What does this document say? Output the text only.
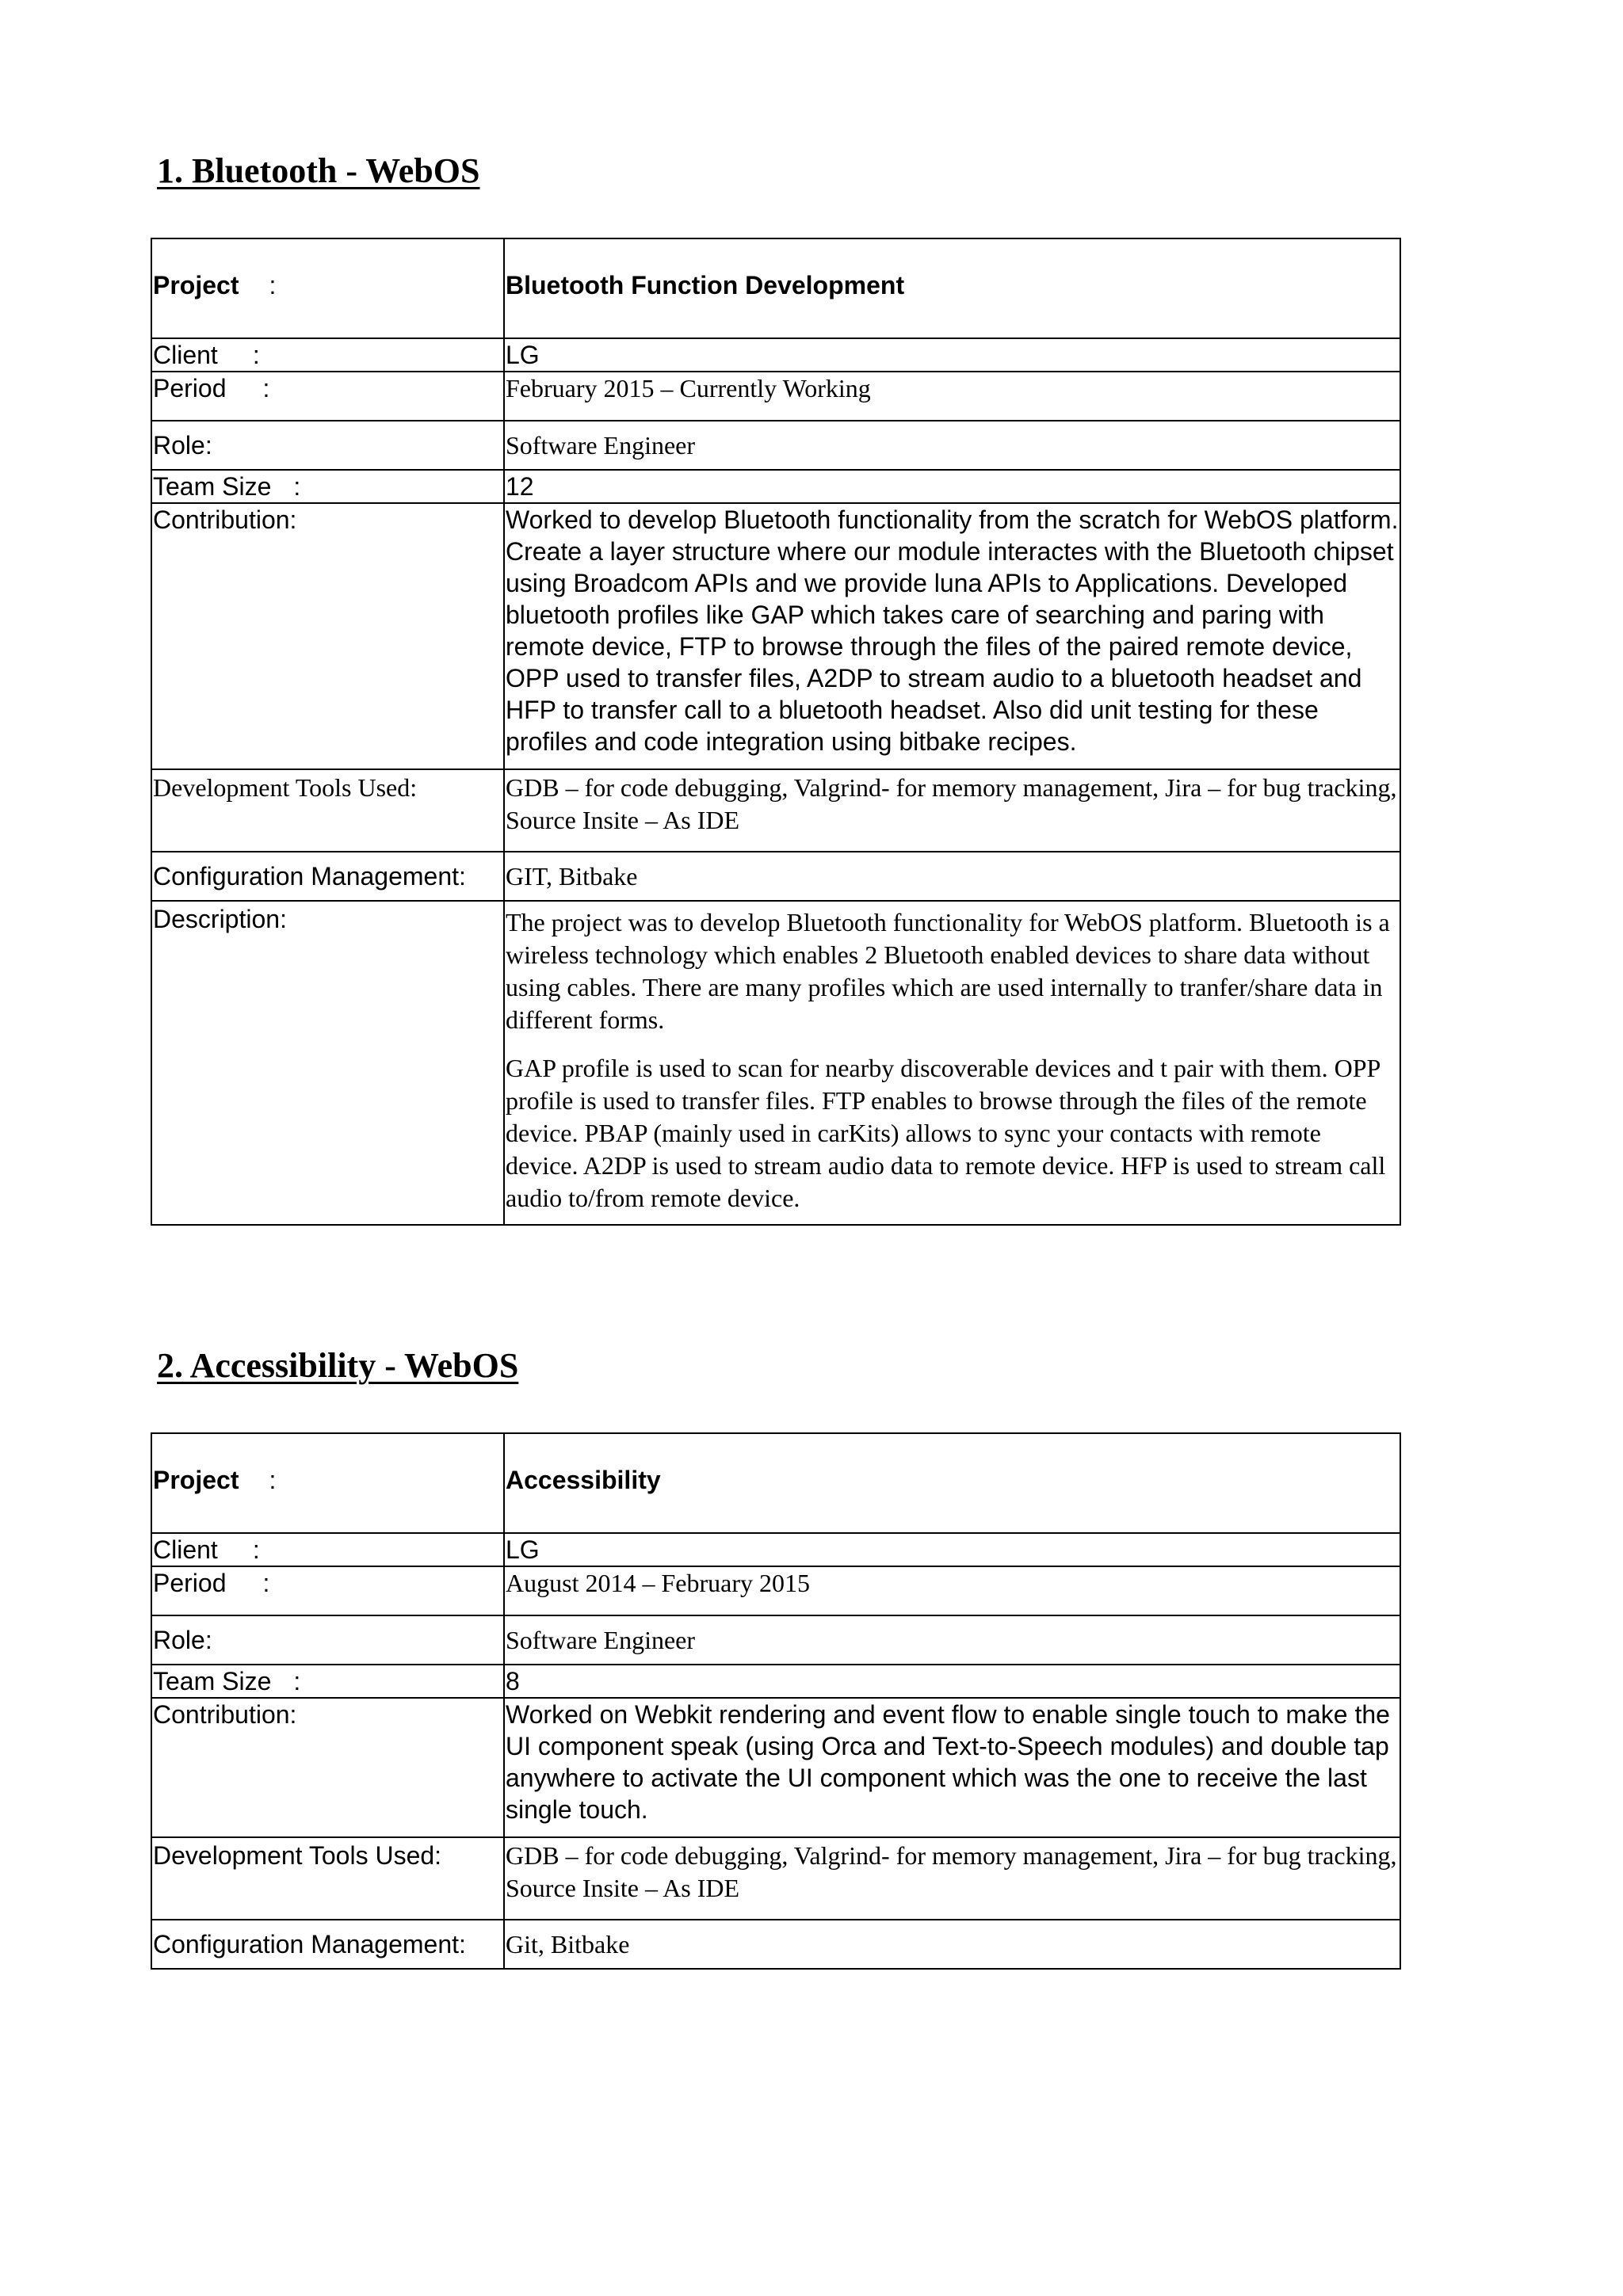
1. Bluetooth - WebOS
Project :	Bluetooth Function Development

Client :	LG
Period :	February 2015 – Currently Working
Role:	Software Engineer
Team Size :	12
Contribution:	Worked to develop Bluetooth functionality from the scratch for WebOS platform. Create a layer structure where our module interactes with the Bluetooth chipset using Broadcom APIs and we provide luna APIs to Applications. Developed bluetooth profiles like GAP which takes care of searching and paring with remote device, FTP to browse through the files of the paired remote device, OPP used to transfer files, A2DP to stream audio to a bluetooth headset and HFP to transfer call to a bluetooth headset. Also did unit testing for these profiles and code integration using bitbake recipes.
Development Tools Used:	GDB – for code debugging, Valgrind- for memory management, Jira – for bug tracking, Source Insite – As IDE
Configuration Management:	GIT, Bitbake
Description:	The project was to develop Bluetooth functionality for WebOS platform. Bluetooth is a wireless technology which enables 2 Bluetooth enabled devices to share data without using cables. There are many profiles which are used internally to tranfer/share data in different forms.

GAP profile is used to scan for nearby discoverable devices and t pair with them. OPP profile is used to transfer files. FTP enables to browse through the files of the remote device. PBAP (mainly used in carKits) allows to sync your contacts with remote device. A2DP is used to stream audio data to remote device. HFP is used to stream call audio to/from remote device.

2. Accessibility - WebOS
Project :	Accessibility

Client :	LG
Period :	August 2014 – February 2015
Role:	Software Engineer
Team Size :	8
Contribution:	Worked on Webkit rendering and event flow to enable single touch to make the UI component speak (using Orca and Text-to-Speech modules) and double tap anywhere to activate the UI component which was the one to receive the last single touch.
Development Tools Used:	GDB – for code debugging, Valgrind- for memory management, Jira – for bug tracking, Source Insite – As IDE
Configuration Management:	Git, Bitbake
